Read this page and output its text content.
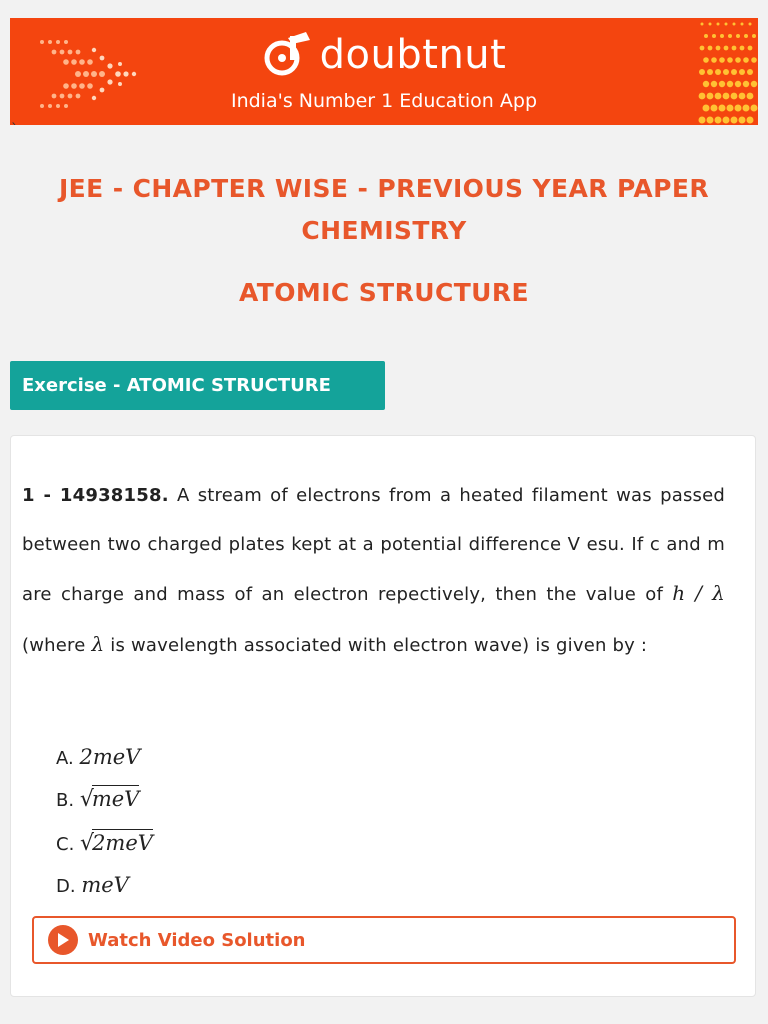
doubtnut
India's Number 1 Education App
`
JEE - CHAPTER WISE - PREVIOUS YEAR PAPER
CHEMISTRY
ATOMIC STRUCTURE
Exercise - ATOMIC STRUCTURE

1 - 14938158. A stream of electrons from a heated filament was passed between two charged plates kept at a potential difference V esu. If c and m are charge and mass of an electron repectively, then the value of h / λ (where λ is wavelength associated with electron wave) is given by :

A. 2meV
B. √meV
C. √2meV
D. meV
Watch Video Solution
